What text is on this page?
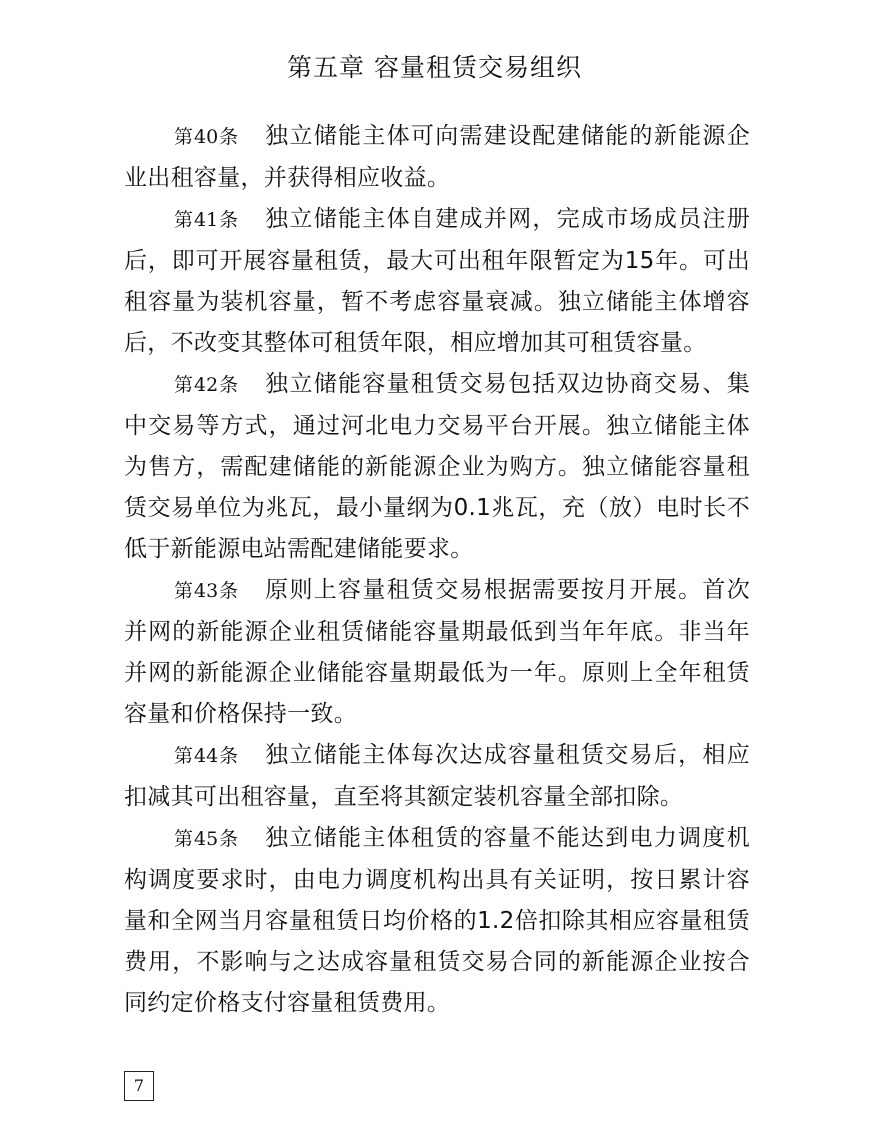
第五章 容量租赁交易组织

第40条 独立储能主体可向需建设配建储能的新能源企业出租容量，并获得相应收益。

第41条 独立储能主体自建成并网，完成市场成员注册后，即可开展容量租赁，最大可出租年限暂定为15年。可出租容量为装机容量，暂不考虑容量衰减。独立储能主体增容后，不改变其整体可租赁年限，相应增加其可租赁容量。

第42条 独立储能容量租赁交易包括双边协商交易、集中交易等方式，通过河北电力交易平台开展。独立储能主体为售方，需配建储能的新能源企业为购方。独立储能容量租赁交易单位为兆瓦，最小量纲为0.1兆瓦，充（放）电时长不低于新能源电站需配建储能要求。

第43条 原则上容量租赁交易根据需要按月开展。首次并网的新能源企业租赁储能容量期最低到当年年底。非当年并网的新能源企业储能容量期最低为一年。原则上全年租赁容量和价格保持一致。

第44条 独立储能主体每次达成容量租赁交易后，相应扣减其可出租容量，直至将其额定装机容量全部扣除。

第45条 独立储能主体租赁的容量不能达到电力调度机构调度要求时，由电力调度机构出具有关证明，按日累计容量和全网当月容量租赁日均价格的1.2倍扣除其相应容量租赁费用，不影响与之达成容量租赁交易合同的新能源企业按合同约定价格支付容量租赁费用。

7
